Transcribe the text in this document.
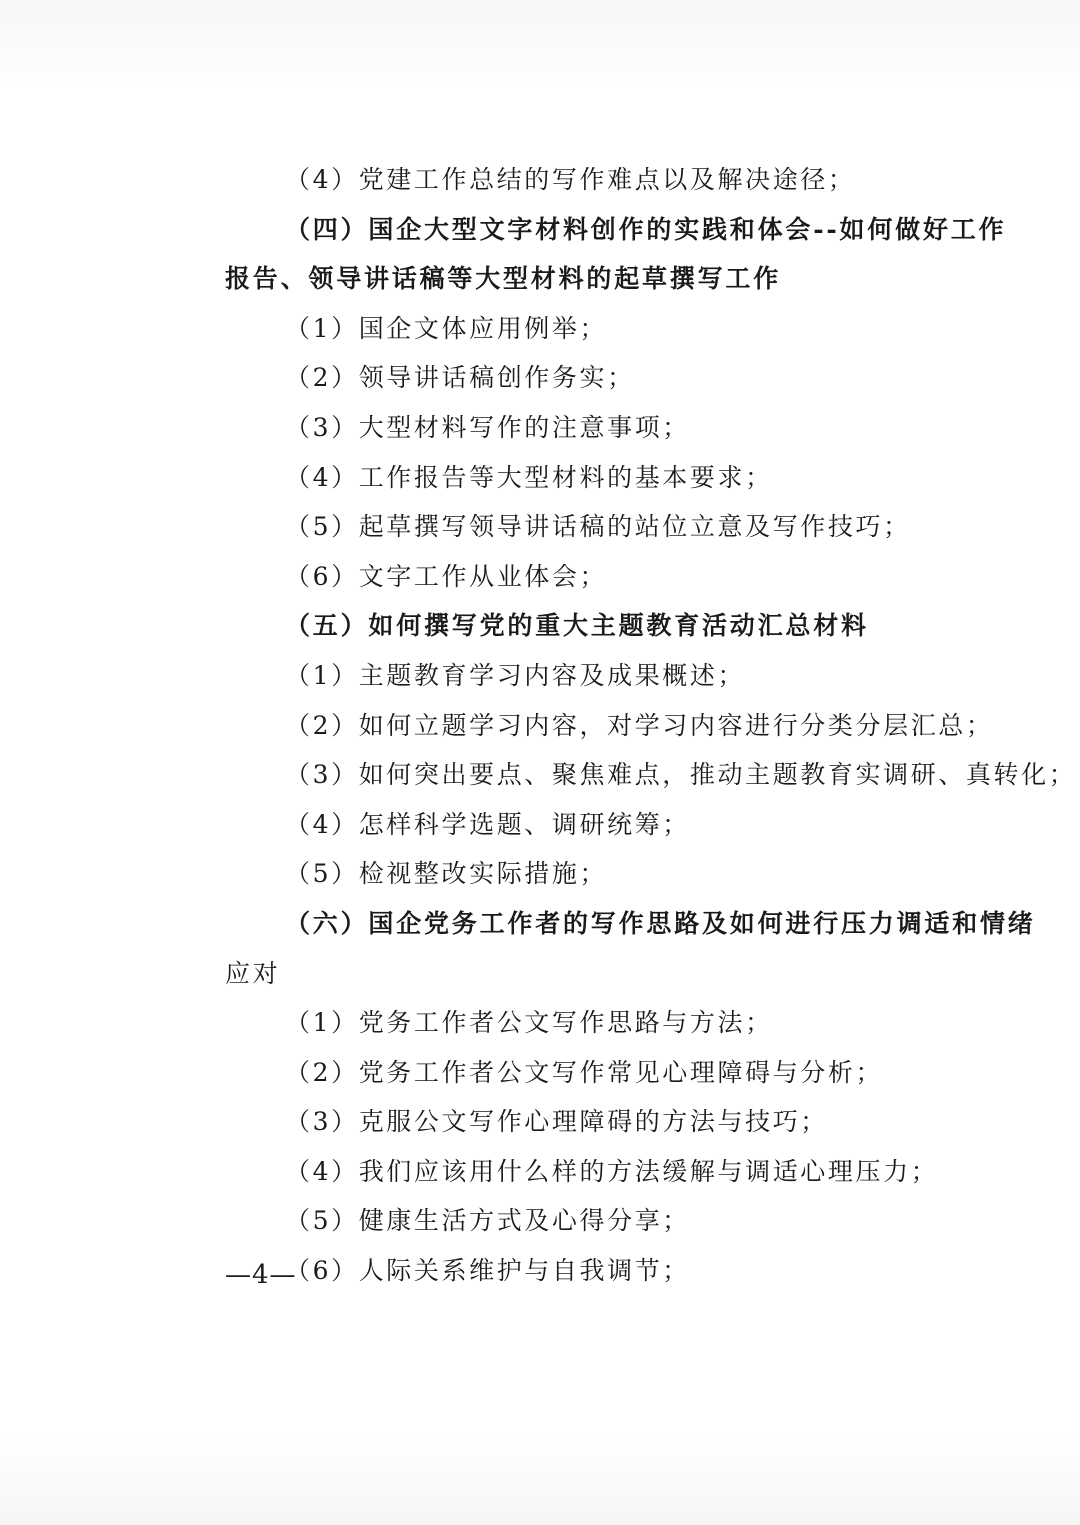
（4）党建工作总结的写作难点以及解决途径；
（四）国企大型文字材料创作的实践和体会--如何做好工作
报告、领导讲话稿等大型材料的起草撰写工作
（1）国企文体应用例举；
（2）领导讲话稿创作务实；
（3）大型材料写作的注意事项；
（4）工作报告等大型材料的基本要求；
（5）起草撰写领导讲话稿的站位立意及写作技巧；
（6）文字工作从业体会；
（五）如何撰写党的重大主题教育活动汇总材料
（1）主题教育学习内容及成果概述；
（2）如何立题学习内容，对学习内容进行分类分层汇总；
（3）如何突出要点、聚焦难点，推动主题教育实调研、真转化；
（4）怎样科学选题、调研统筹；
（5）检视整改实际措施；
（六）国企党务工作者的写作思路及如何进行压力调适和情绪
应对
（1）党务工作者公文写作思路与方法；
（2）党务工作者公文写作常见心理障碍与分析；
（3）克服公文写作心理障碍的方法与技巧；
（4）我们应该用什么样的方法缓解与调适心理压力；
（5）健康生活方式及心得分享；
（6）人际关系维护与自我调节；
—4—
